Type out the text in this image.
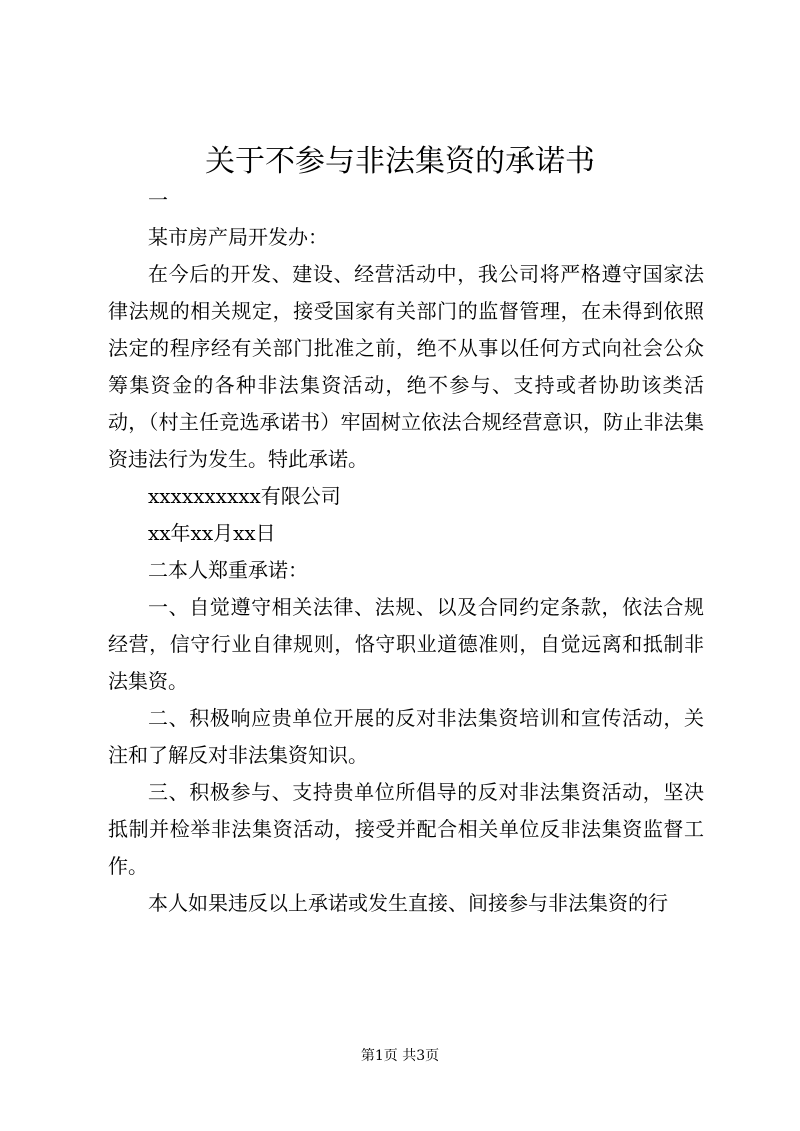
关于不参与非法集资的承诺书

一

某市房产局开发办：

在今后的开发、建设、经营活动中，我公司将严格遵守国家法律法规的相关规定，接受国家有关部门的监督管理，在未得到依照法定的程序经有关部门批准之前，绝不从事以任何方式向社会公众筹集资金的各种非法集资活动，绝不参与、支持或者协助该类活动，（村主任竞选承诺书）牢固树立依法合规经营意识，防止非法集资违法行为发生。特此承诺。

xxxxxxxxxx有限公司

xx年xx月xx日

二本人郑重承诺：

一、自觉遵守相关法律、法规、以及合同约定条款，依法合规经营，信守行业自律规则，恪守职业道德准则，自觉远离和抵制非法集资。

二、积极响应贵单位开展的反对非法集资培训和宣传活动，关注和了解反对非法集资知识。

三、积极参与、支持贵单位所倡导的反对非法集资活动，坚决抵制并检举非法集资活动，接受并配合相关单位反非法集资监督工作。

本人如果违反以上承诺或发生直接、间接参与非法集资的行

第1页 共3页
